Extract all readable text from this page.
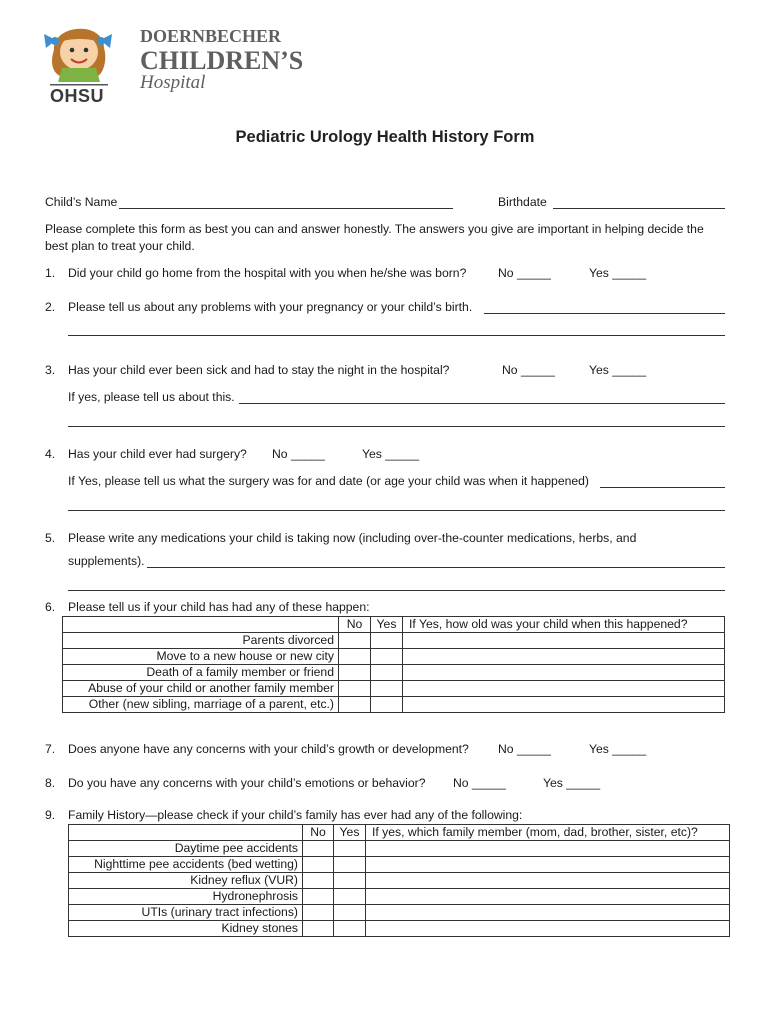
OHSU
DOERNBECHER
CHILDREN’S
Hospital
Pediatric Urology Health History Form
Child’s Name	Birthdate
Please complete this form as best you can and answer honestly. The answers you give are important in helping decide the
best plan to treat your child.
1. Did your child go home from the hospital with you when he/she was born?	No _____	Yes _____
2. Please tell us about any problems with your pregnancy or your child’s birth.
3. Has your child ever been sick and had to stay the night in the hospital?	No _____	Yes _____
If yes, please tell us about this.
4. Has your child ever had surgery? No _____	Yes _____
If Yes, please tell us what the surgery was for and date (or age your child was when it happened)
5. Please write any medications your child is taking now (including over-the-counter medications, herbs, and
supplements).
6. Please tell us if your child has had any of these happen:
	No	Yes	If Yes, how old was your child when this happened?
Parents divorced			
Move to a new house or new city			
Death of a family member or friend			
Abuse of your child or another family member			
Other (new sibling, marriage of a parent, etc.)			
7. Does anyone have any concerns with your child’s growth or development? No _____	Yes _____
8. Do you have any concerns with your child’s emotions or behavior? No _____	Yes _____
9. Family History—please check if your child’s family has ever had any of the following:
	No	Yes	If yes, which family member (mom, dad, brother, sister, etc)?
Daytime pee accidents			
Nighttime pee accidents (bed wetting)			
Kidney reflux (VUR)			
Hydronephrosis			
UTIs (urinary tract infections)			
Kidney stones			
